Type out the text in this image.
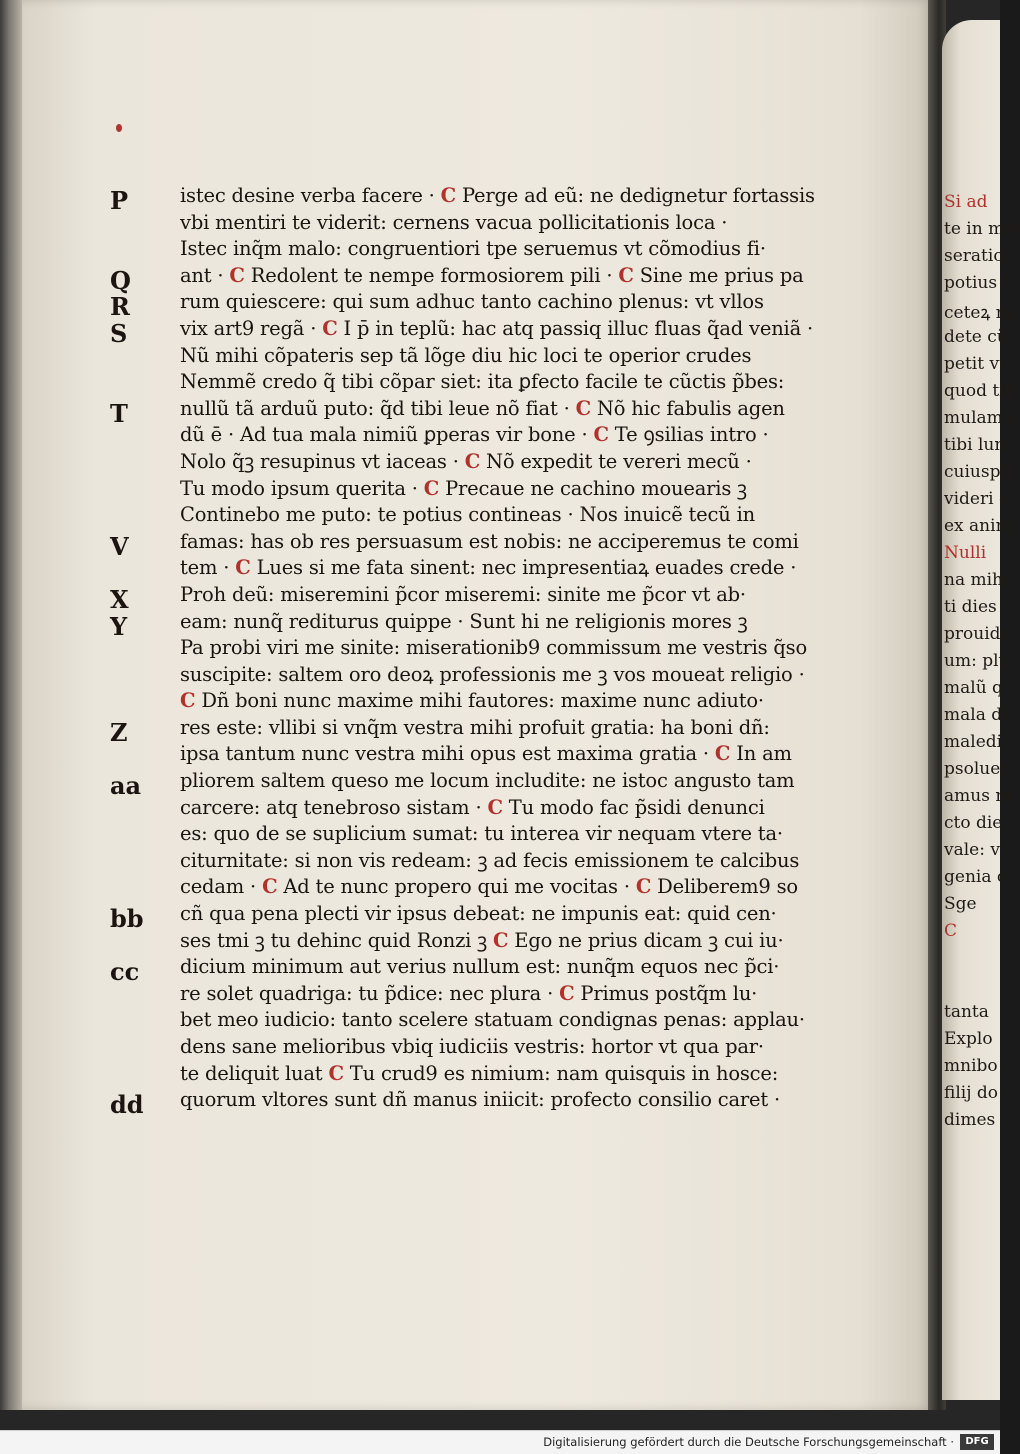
Si ad
te in mal
seratio:
potius f
ceteꝝ re
dete cũ
petit vt
quod tib
mulam c
tibi lum
cuiuspia
videri c
ex anim
Nulli
na mihi
ti dies
prouide
um: plu
malũ q
mala di
maledi
psoluer
amus m
cto die
vale: v
genia c
Sge
C
tanta
Explo
mnibo
filij do
dimes
P
Q
R
S
T
V
X
Y
Z
aa
bb
cc
dd
istec desine verba facere · C Perge ad eũ: ne dedignetur fortassis
vbi mentiri te viderit: cernens vacua pollicitationis loca ·
Istec inq̃m malo: congruentiori tpe seruemus vt cõmodius fi·
ant · C Redolent te nempe formosiorem pili · C Sine me prius pa
rum quiescere: qui sum adhuc tanto cachino plenus: vt vllos
vix art9 regã · C I p̄ in teplũ: hac atq passiq illuc fluas q̃ad veniã ·
Nũ mihi cõpateris sep tã lõge diu hic loci te operior crudes
Nemmẽ credo q̃ tibi cõpar siet: ita ꝑfecto facile te cũctis p̃bes:
nullũ tã arduũ puto: q̃d tibi leue nõ fiat · C Nõ hic fabulis agen
dũ ē · Ad tua mala nimiũ ꝑperas vir bone · C Te ꝯsilias intro ·
Nolo q̃ꝫ resupinus vt iaceas · C Nõ expedit te vereri mecũ ·
Tu modo ipsum querita · C Precaue ne cachino mouearis ꝫ
Continebo me puto: te potius contineas · Nos inuicẽ tecũ in
famas: has ob res persuasum est nobis: ne acciperemus te comi
tem · C Lues si me fata sinent: nec impresentiaꝝ euades crede ·
Proh deũ: miseremini p̃cor miseremi: sinite me p̃cor vt ab·
eam: nunq̃ rediturus quippe · Sunt hi ne religionis mores ꝫ
Pa probi viri me sinite: miserationib9 commissum me vestris q̃so
suscipite: saltem oro deoꝝ professionis me ꝫ vos moueat religio ·
C Dñ boni nunc maxime mihi fautores: maxime nunc adiuto·
res este: vllibi si vnq̃m vestra mihi profuit gratia: ha boni dñ:
ipsa tantum nunc vestra mihi opus est maxima gratia · C In am
pliorem saltem queso me locum includite: ne istoc angusto tam
carcere: atq tenebroso sistam · C Tu modo fac p̃sidi denunci
es: quo de se suplicium sumat: tu interea vir nequam vtere ta·
citurnitate: si non vis redeam: ꝫ ad fecis emissionem te calcibus
cedam · C Ad te nunc propero qui me vocitas · C Deliberem9 so
cñ qua pena plecti vir ipsus debeat: ne impunis eat: quid cen·
ses tmi ꝫ tu dehinc quid Ronzi ꝫ C Ego ne prius dicam ꝫ cui iu·
dicium minimum aut verius nullum est: nunq̃m equos nec p̃ci·
re solet quadriga: tu p̃dice: nec plura · C Primus postq̃m lu·
bet meo iudicio: tanto scelere statuam condignas penas: applau·
dens sane melioribus vbiq iudiciis vestris: hortor vt qua par·
te deliquit luat C Tu crud9 es nimium: nam quisquis in hosce:
quorum vltores sunt dñ manus iniicit: profecto consilio caret ·
Digitalisierung gefördert durch die Deutsche Forschungsgemeinschaft ·	DFG
